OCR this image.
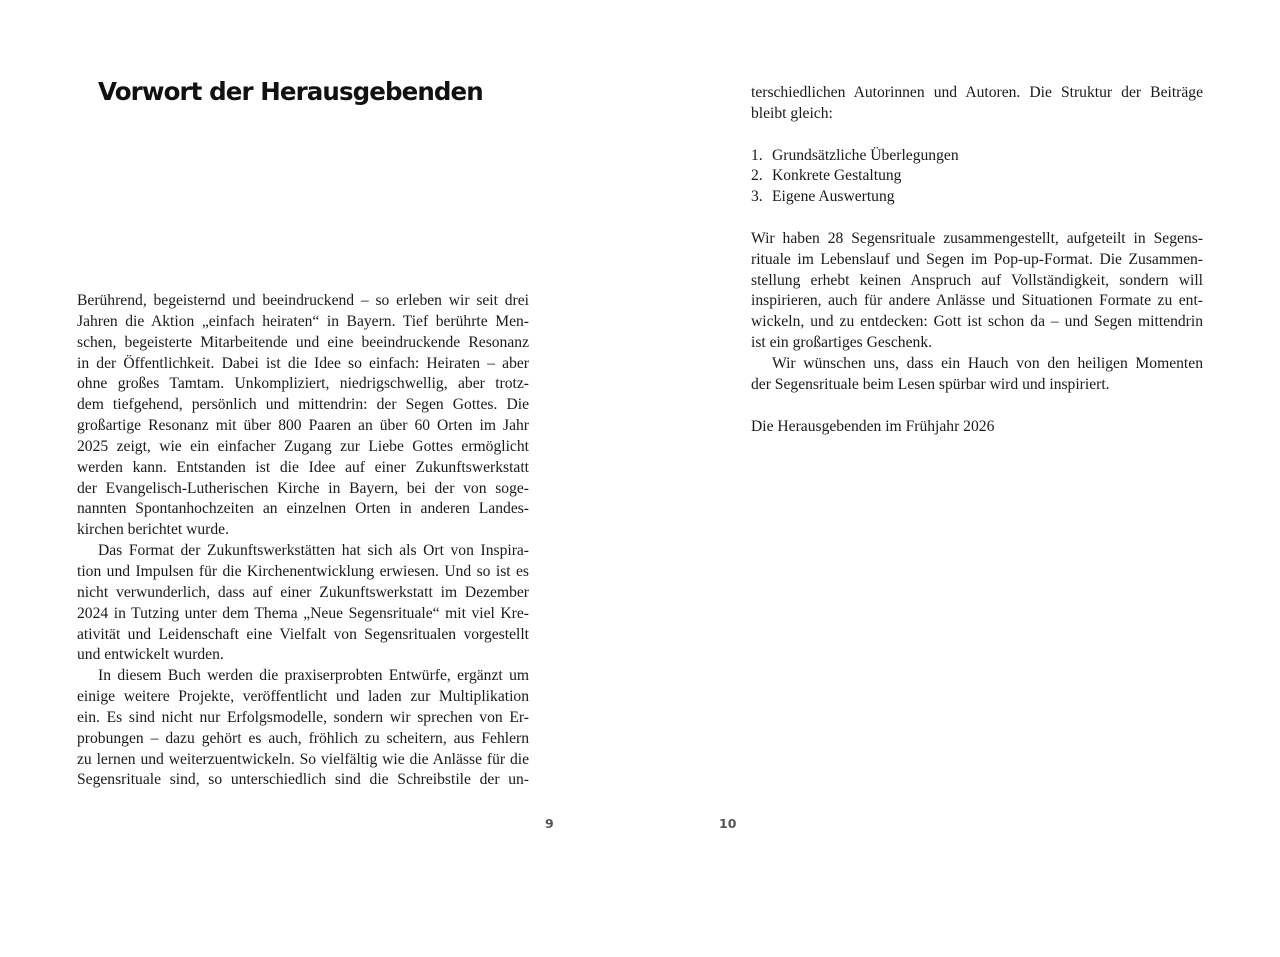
Vorwort der Herausgebenden
Berührend, begeisternd und beeindruckend – so erleben wir seit drei
Jahren die Aktion „einfach heiraten“ in Bayern. Tief berührte Men-
schen, begeisterte Mitarbeitende und eine beeindruckende Resonanz
in der Öffentlichkeit. Dabei ist die Idee so einfach: Heiraten – aber
ohne großes Tamtam. Unkompliziert, niedrigschwellig, aber trotz-
dem tiefgehend, persönlich und mittendrin: der Segen Gottes. Die
großartige Resonanz mit über 800 Paaren an über 60 Orten im Jahr
2025 zeigt, wie ein einfacher Zugang zur Liebe Gottes ermöglicht
werden kann. Entstanden ist die Idee auf einer Zukunftswerkstatt
der Evangelisch-Lutherischen Kirche in Bayern, bei der von soge-
nannten Spontanhochzeiten an einzelnen Orten in anderen Landes-
kirchen berichtet wurde.
Das Format der Zukunftswerkstätten hat sich als Ort von Inspira-
tion und Impulsen für die Kirchenentwicklung erwiesen. Und so ist es
nicht verwunderlich, dass auf einer Zukunftswerkstatt im Dezember
2024 in Tutzing unter dem Thema „Neue Segensrituale“ mit viel Kre-
ativität und Leidenschaft eine Vielfalt von Segensritualen vorgestellt
und entwickelt wurden.
In diesem Buch werden die praxiserprobten Entwürfe, ergänzt um
einige weitere Projekte, veröffentlicht und laden zur Multiplikation
ein. Es sind nicht nur Erfolgsmodelle, sondern wir sprechen von Er-
probungen – dazu gehört es auch, fröhlich zu scheitern, aus Fehlern
zu lernen und weiterzuentwickeln. So vielfältig wie die Anlässe für die
Segensrituale sind, so unterschiedlich sind die Schreibstile der un-
9
terschiedlichen Autorinnen und Autoren. Die Struktur der Beiträge
bleibt gleich:
1. Grundsätzliche Überlegungen
2. Konkrete Gestaltung
3. Eigene Auswertung
Wir haben 28 Segensrituale zusammengestellt, aufgeteilt in Segens-
rituale im Lebenslauf und Segen im Pop-up-Format. Die Zusammen-
stellung erhebt keinen Anspruch auf Vollständigkeit, sondern will
inspirieren, auch für andere Anlässe und Situationen Formate zu ent-
wickeln, und zu entdecken: Gott ist schon da – und Segen mittendrin
ist ein großartiges Geschenk.
Wir wünschen uns, dass ein Hauch von den heiligen Momenten
der Segensrituale beim Lesen spürbar wird und inspiriert.
Die Herausgebenden im Frühjahr 2026
10
